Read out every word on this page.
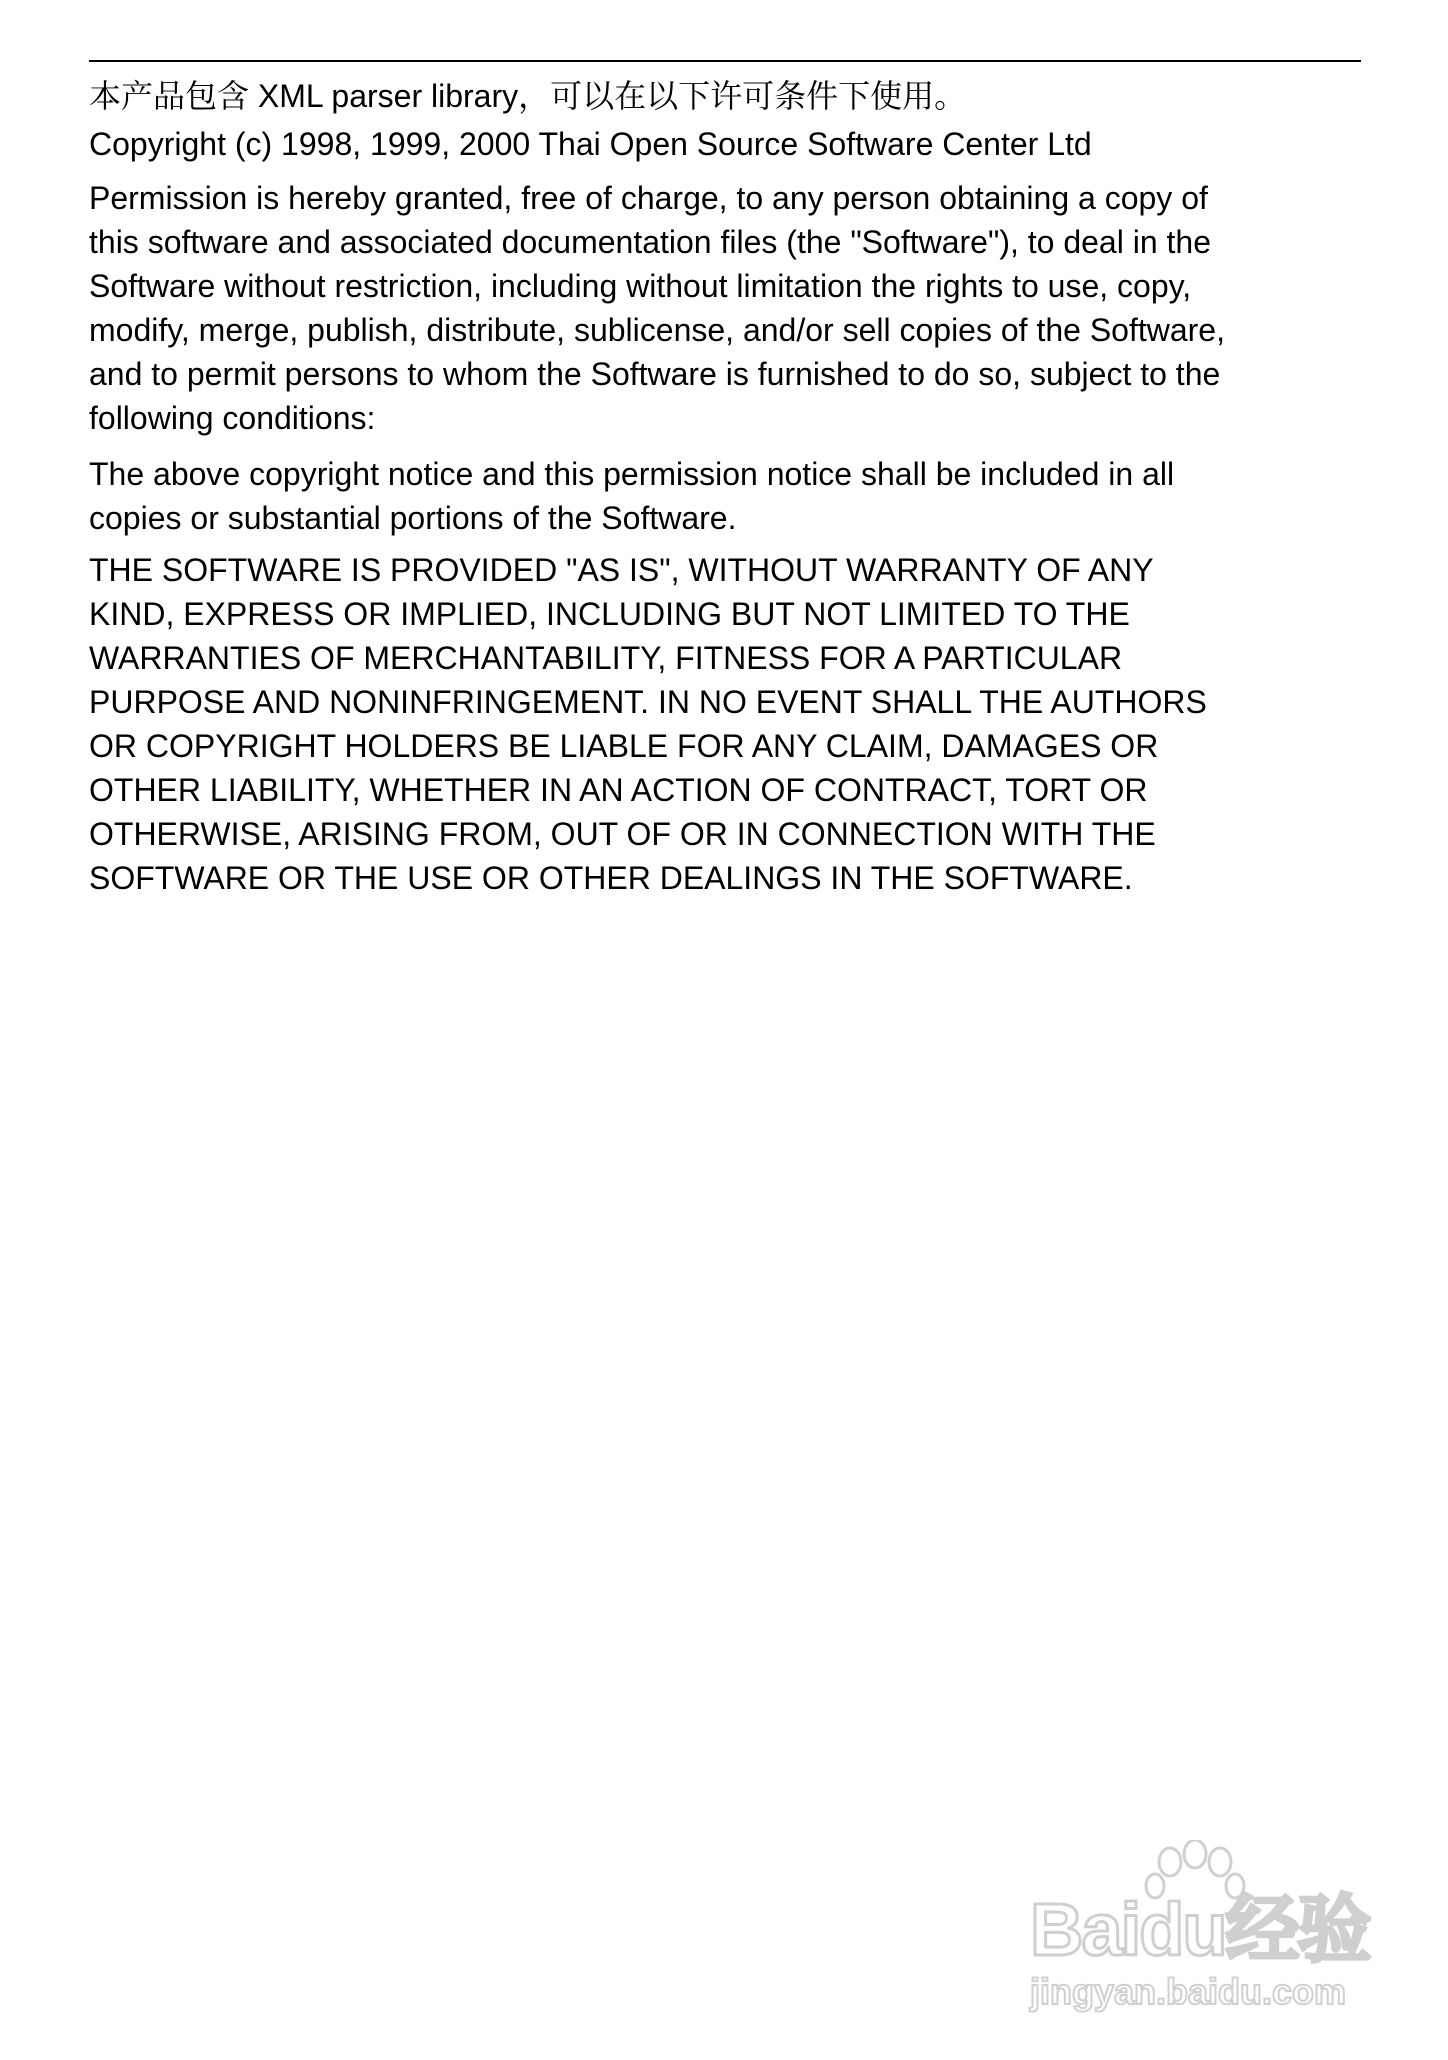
本产品包含 XML parser library，可以在以下许可条件下使用。
Copyright (c) 1998, 1999, 2000 Thai Open Source Software Center Ltd
Permission is hereby granted, free of charge, to any person obtaining a copy of
this software and associated documentation files (the "Software"), to deal in the
Software without restriction, including without limitation the rights to use, copy,
modify, merge, publish, distribute, sublicense, and/or sell copies of the Software,
and to permit persons to whom the Software is furnished to do so, subject to the
following conditions:
The above copyright notice and this permission notice shall be included in all
copies or substantial portions of the Software.
THE SOFTWARE IS PROVIDED "AS IS", WITHOUT WARRANTY OF ANY
KIND, EXPRESS OR IMPLIED, INCLUDING BUT NOT LIMITED TO THE
WARRANTIES OF MERCHANTABILITY, FITNESS FOR A PARTICULAR
PURPOSE AND NONINFRINGEMENT. IN NO EVENT SHALL THE AUTHORS
OR COPYRIGHT HOLDERS BE LIABLE FOR ANY CLAIM, DAMAGES OR
OTHER LIABILITY, WHETHER IN AN ACTION OF CONTRACT, TORT OR
OTHERWISE, ARISING FROM, OUT OF OR IN CONNECTION WITH THE
SOFTWARE OR THE USE OR OTHER DEALINGS IN THE SOFTWARE.
Baidu经验
jingyan.baidu.com
